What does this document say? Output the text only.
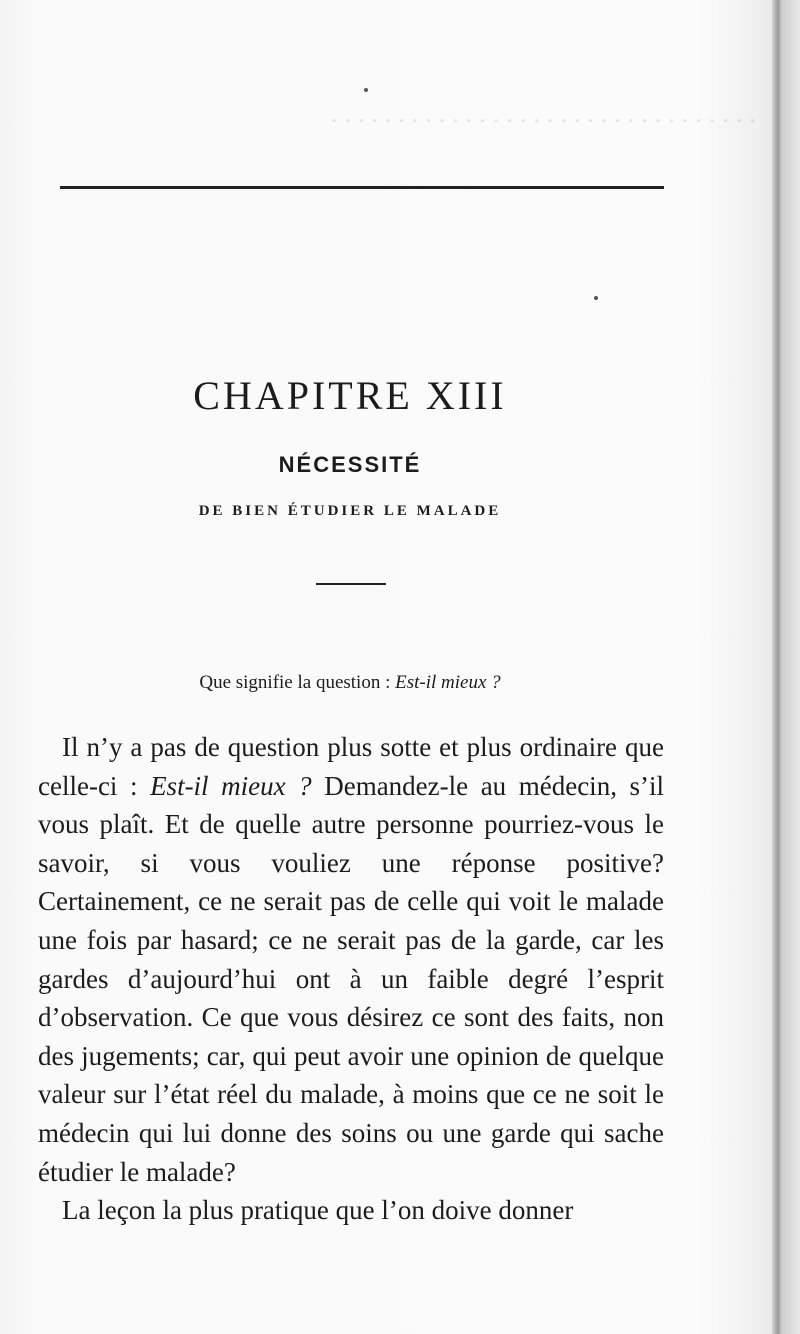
CHAPITRE XIII
NÉCESSITÉ
DE BIEN ÉTUDIER LE MALADE
Que signifie la question : Est-il mieux ?

Il n’y a pas de question plus sotte et plus ordinaire que celle-ci : Est-il mieux ? Demandez-le au médecin, s’il vous plaît. Et de quelle autre personne pourriez-vous le savoir, si vous vouliez une réponse positive? Certainement, ce ne serait pas de celle qui voit le malade une fois par hasard; ce ne serait pas de la garde, car les gardes d’aujourd’hui ont à un faible degré l’esprit d’observation. Ce que vous désirez ce sont des faits, non des jugements; car, qui peut avoir une opinion de quelque valeur sur l’état réel du malade, à moins que ce ne soit le médecin qui lui donne des soins ou une garde qui sache étudier le malade?

La leçon la plus pratique que l’on doive donner
